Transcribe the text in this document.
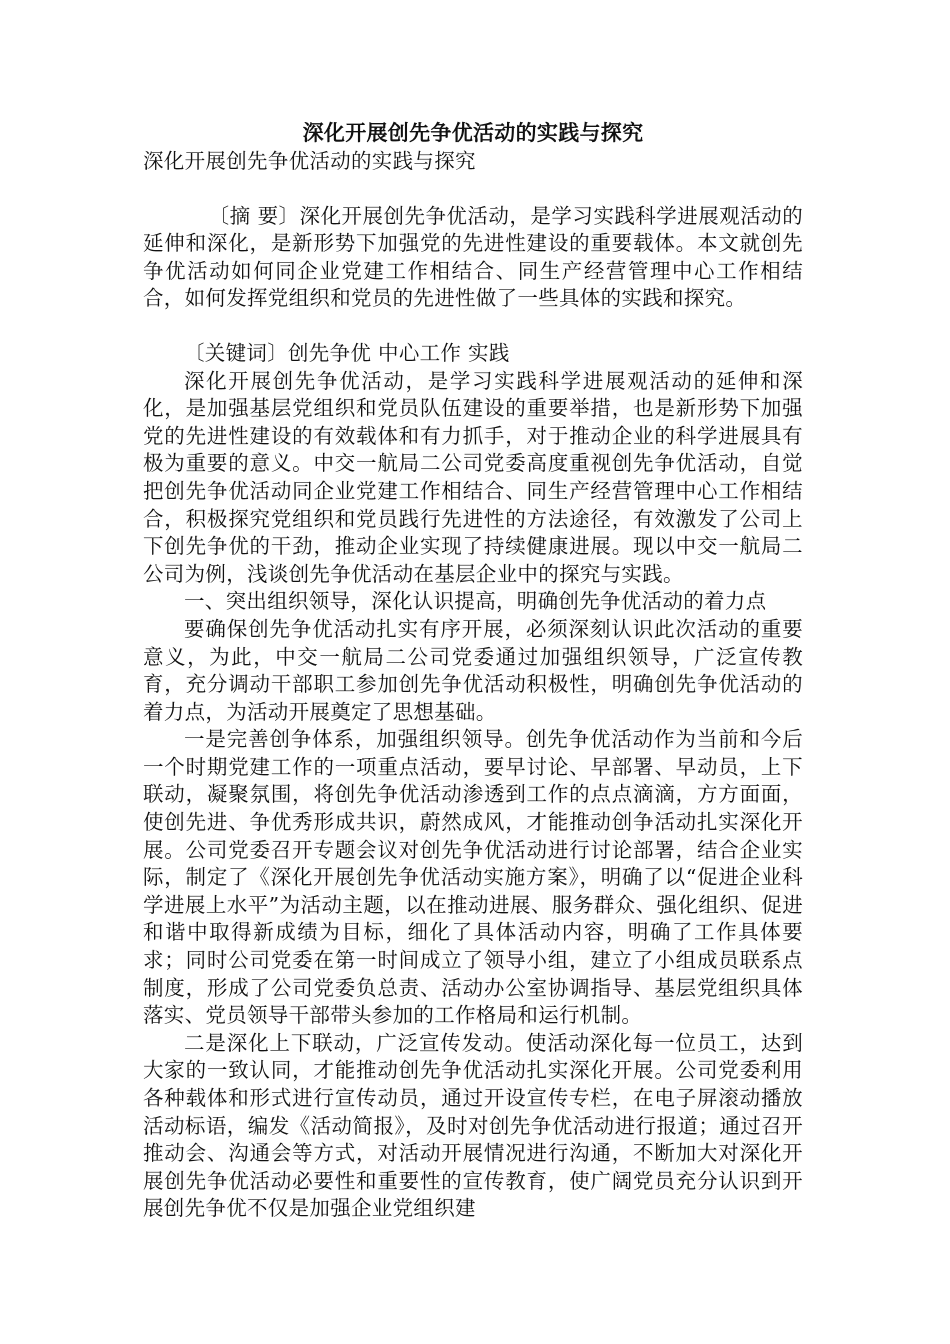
深化开展创先争优活动的实践与探究

深化开展创先争优活动的实践与探究

〔摘 要〕深化开展创先争优活动，是学习实践科学进展观活动的延伸和深化，是新形势下加强党的先进性建设的重要载体。本文就创先争优活动如何同企业党建工作相结合、同生产经营管理中心工作相结合，如何发挥党组织和党员的先进性做了一些具体的实践和探究。

〔关键词〕创先争优 中心工作 实践

深化开展创先争优活动，是学习实践科学进展观活动的延伸和深化，是加强基层党组织和党员队伍建设的重要举措，也是新形势下加强党的先进性建设的有效载体和有力抓手，对于推动企业的科学进展具有极为重要的意义。中交一航局二公司党委高度重视创先争优活动，自觉把创先争优活动同企业党建工作相结合、同生产经营管理中心工作相结合，积极探究党组织和党员践行先进性的方法途径，有效激发了公司上下创先争优的干劲，推动企业实现了持续健康进展。现以中交一航局二公司为例，浅谈创先争优活动在基层企业中的探究与实践。

一、突出组织领导，深化认识提高，明确创先争优活动的着力点

要确保创先争优活动扎实有序开展，必须深刻认识此次活动的重要意义，为此，中交一航局二公司党委通过加强组织领导，广泛宣传教育，充分调动干部职工参加创先争优活动积极性，明确创先争优活动的着力点，为活动开展奠定了思想基础。

一是完善创争体系，加强组织领导。创先争优活动作为当前和今后一个时期党建工作的一项重点活动，要早讨论、早部署、早动员，上下联动，凝聚氛围，将创先争优活动渗透到工作的点点滴滴，方方面面，使创先进、争优秀形成共识，蔚然成风，才能推动创争活动扎实深化开展。公司党委召开专题会议对创先争优活动进行讨论部署，结合企业实际，制定了《深化开展创先争优活动实施方案》，明确了以“促进企业科学进展上水平”为活动主题，以在推动进展、服务群众、强化组织、促进和谐中取得新成绩为目标，细化了具体活动内容，明确了工作具体要求；同时公司党委在第一时间成立了领导小组，建立了小组成员联系点制度，形成了公司党委负总责、活动办公室协调指导、基层党组织具体落实、党员领导干部带头参加的工作格局和运行机制。

二是深化上下联动，广泛宣传发动。使活动深化每一位员工，达到大家的一致认同，才能推动创先争优活动扎实深化开展。公司党委利用各种载体和形式进行宣传动员，通过开设宣传专栏，在电子屏滚动播放活动标语，编发《活动简报》，及时对创先争优活动进行报道；通过召开推动会、沟通会等方式，对活动开展情况进行沟通，不断加大对深化开展创先争优活动必要性和重要性的宣传教育，使广阔党员充分认识到开展创先争优不仅是加强企业党组织建
